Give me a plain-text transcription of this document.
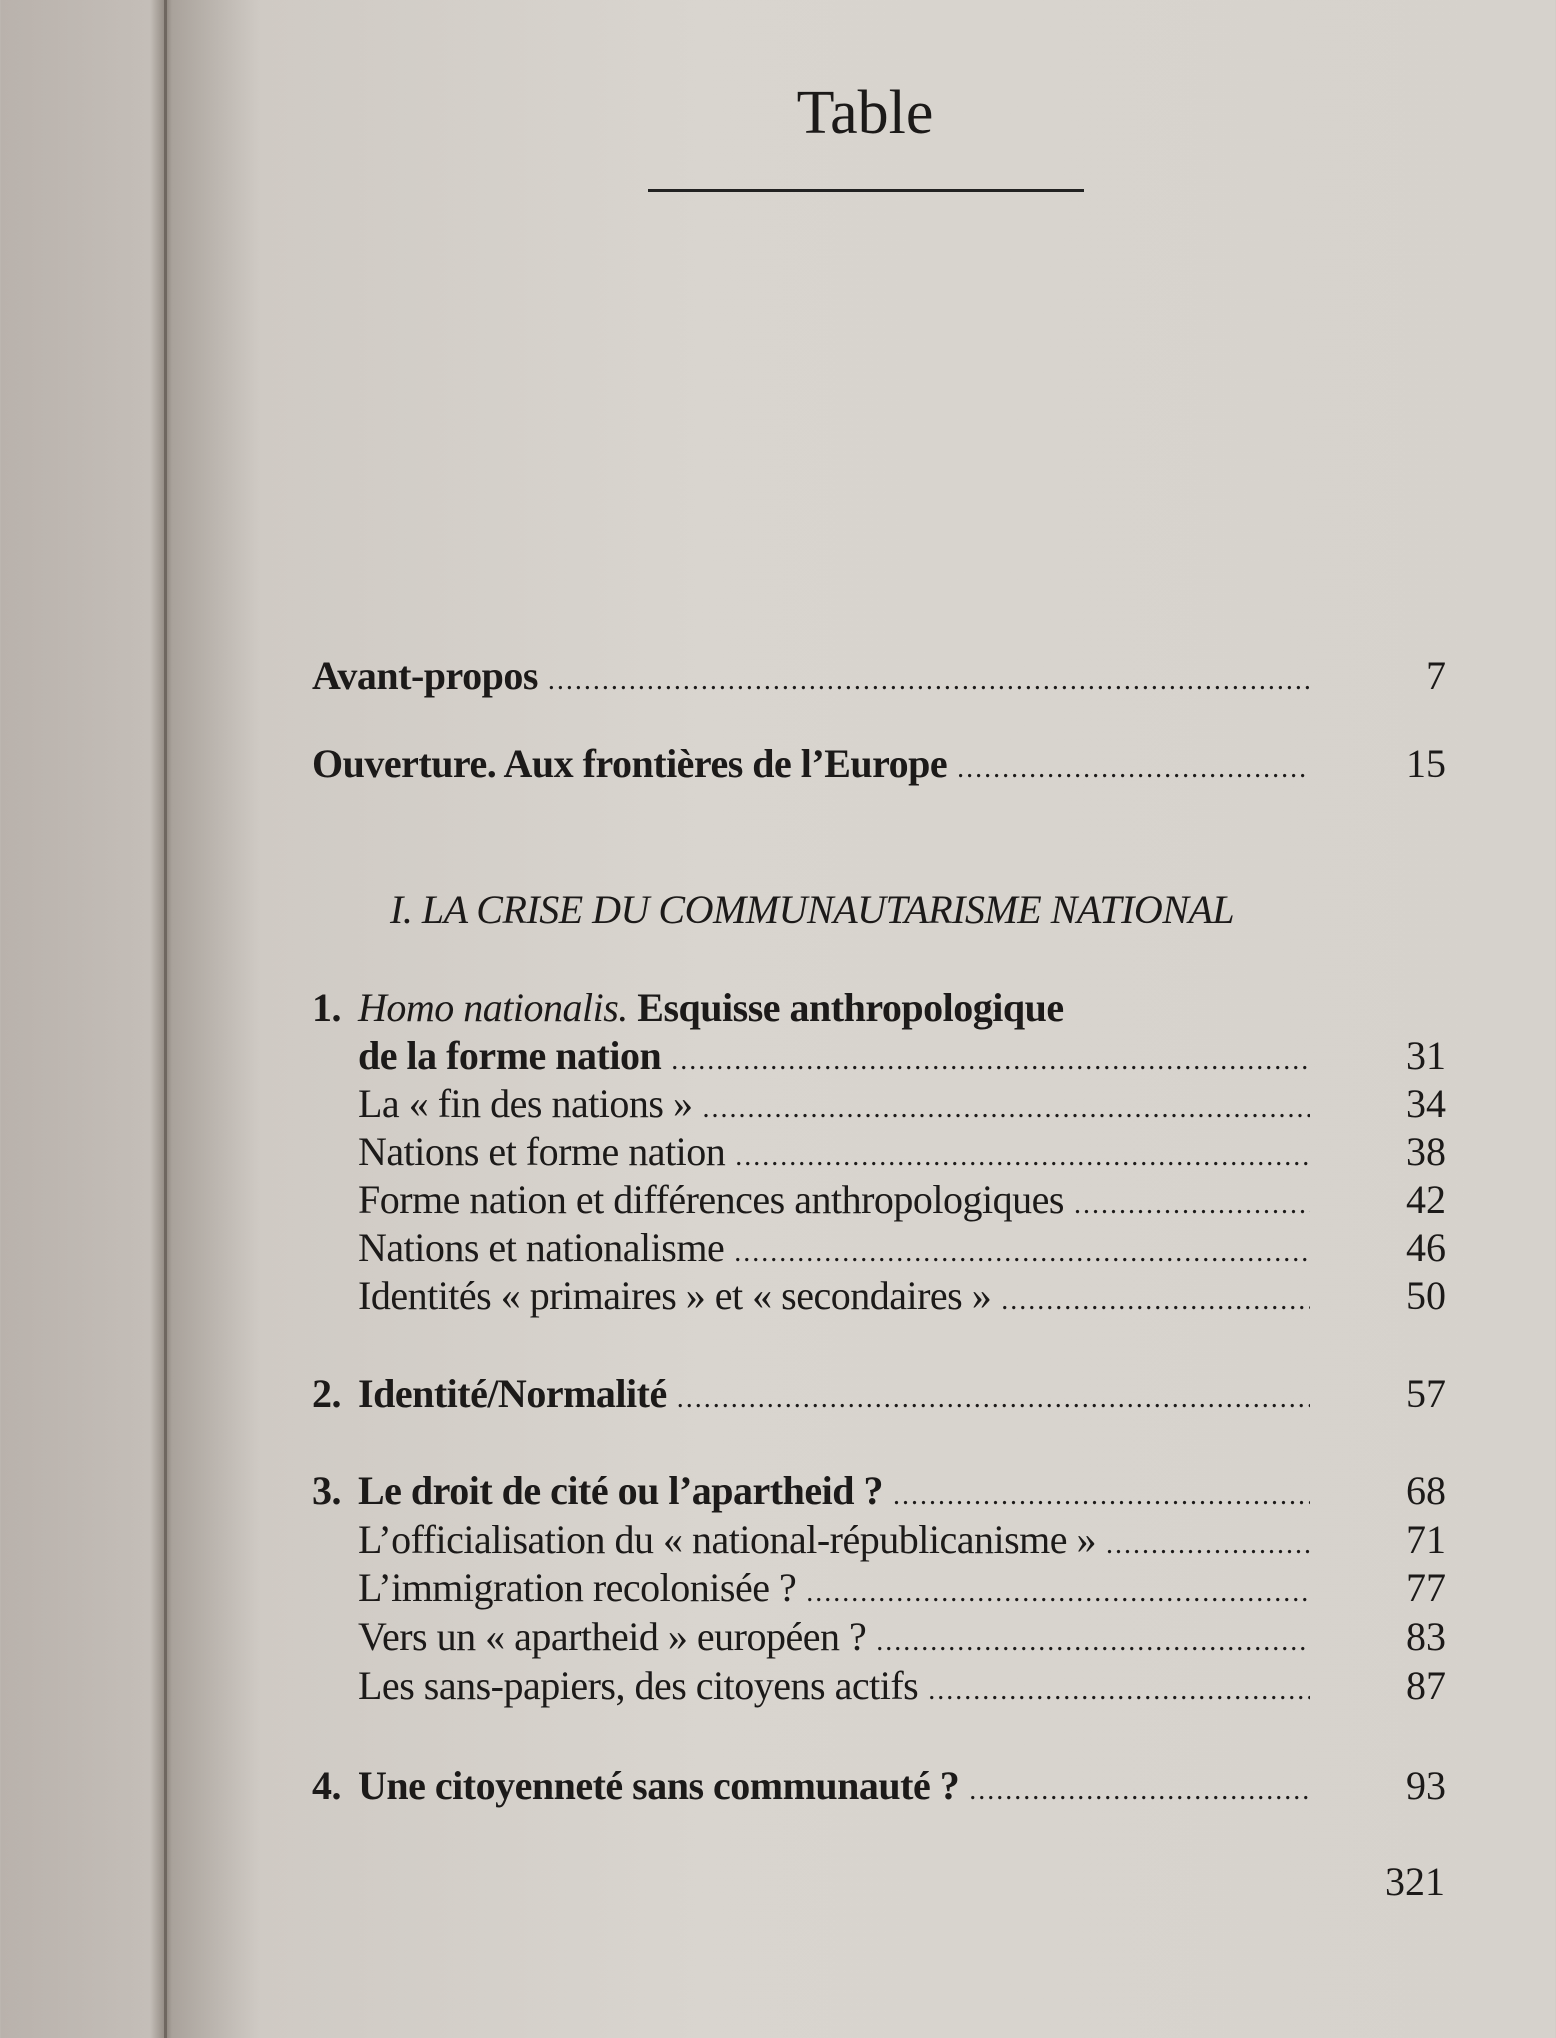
Table
Avant-propos .....	7
Ouverture. Aux frontières de l’Europe .....	15
I. LA CRISE DU COMMUNAUTARISME NATIONAL
1. Homo nationalis. Esquisse anthropologique
de la forme nation .....	31
La « fin des nations » .....	34
Nations et forme nation .....	38
Forme nation et différences anthropologiques .....	42
Nations et nationalisme .....	46
Identités « primaires » et « secondaires » .....	50
2. Identité/Normalité .....	57
3. Le droit de cité ou l’apartheid ? .....	68
L’officialisation du « national-républicanisme » .....	71
L’immigration recolonisée ? .....	77
Vers un « apartheid » européen ? .....	83
Les sans-papiers, des citoyens actifs .....	87
4. Une citoyenneté sans communauté ? .....	93
321
